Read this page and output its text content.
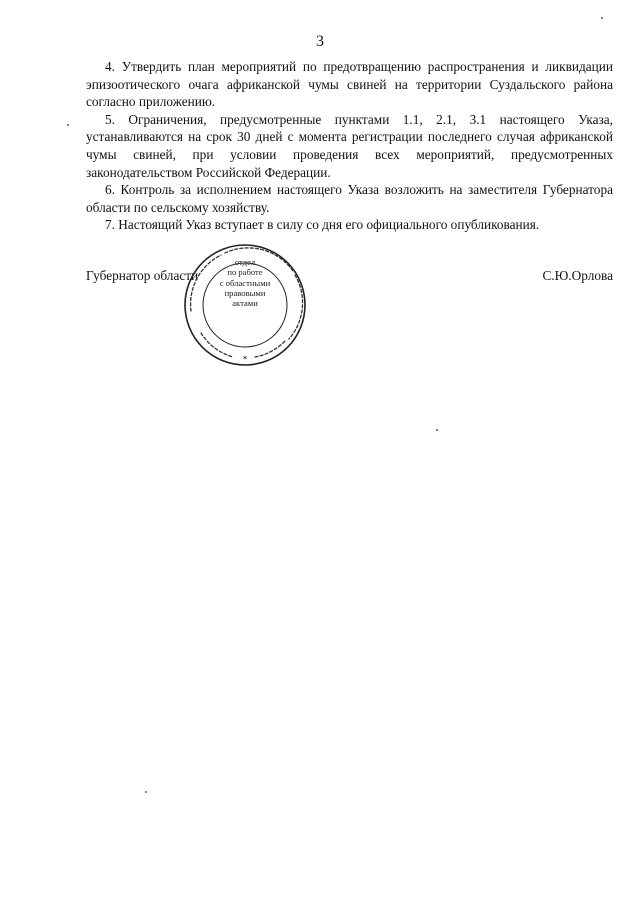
3

4. Утвердить план мероприятий по предотвращению распространения и ликвидации эпизоотического очага африканской чумы свиней на территории Суздальского района согласно приложению.

5. Ограничения, предусмотренные пунктами 1.1, 2.1, 3.1 настоящего Указа, устанавливаются на срок 30 дней с момента регистрации последнего случая африканской чумы свиней, при условии проведения всех мероприятий, предусмотренных законодательством Российской Федерации.

6. Контроль за исполнением настоящего Указа возложить на заместителя Губернатора области по сельскому хозяйству.

7. Настоящий Указ вступает в силу со дня его официального опубликования.

Губернатор области	С.Ю.Орлова
*
отдел
по работе
с областными
правовыми
актами
